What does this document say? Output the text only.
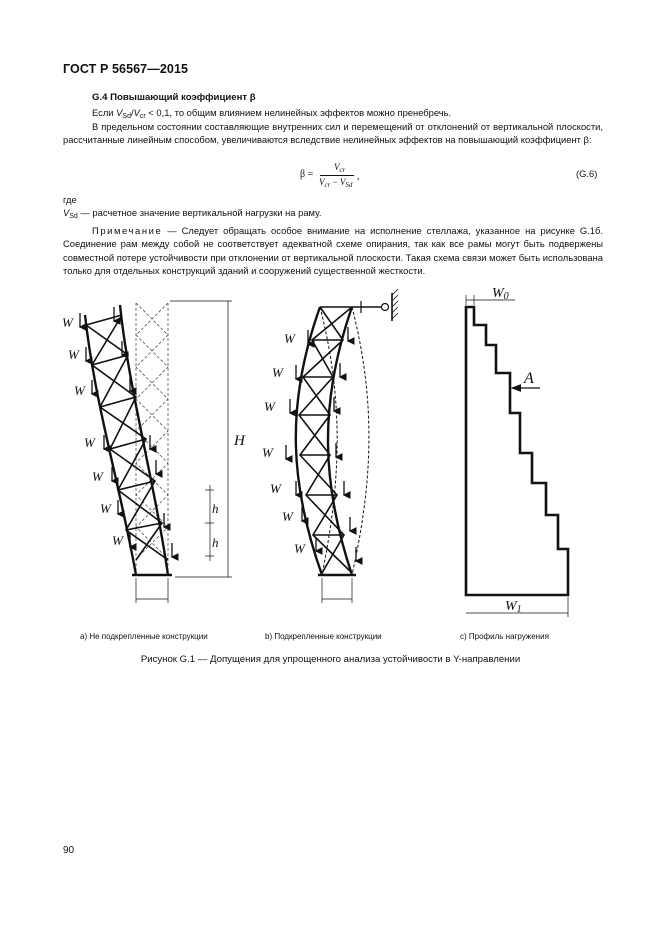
ГОСТ Р 56567—2015
G.4 Повышающий коэффициент β
Если $V_{Sd}/V_{cr} < 0,1$, то общим влиянием нелинейных эффектов можно пренебречь.
В предельном состоянии составляющие внутренних сил и перемещений от отклонений от вертикальной плоскости, рассчитанные линейным способом, увеличиваются вследствие нелинейных эффектов на повышающий коэффициент β:
β =
$V_{cr}$
$V_{cr} - V_{Sd}$
,	(G.6)
где
$V_{Sd}$ — расчетное значение вертикальной нагрузки на раму.
Примечание — Следует обращать особое внимание на исполнение стеллажа, указанное на рисунке G.1б. Соединение рам между собой не соответствует адекватной схеме опирания, так как все рамы могут быть подвержены совместной потере устойчивости при отклонении от вертикальной плоскости. Такая схема связи может быть использована только для отдельных конструкций зданий и сооружений существенной жесткости.
W
W
W
W
W
W
W
H
h
h
W
W
W
W
W
W
W
W0
W1
A
а) Не подкрепленные конструкции	b) Подкрепленные конструкции	с) Профиль нагружения
Рисунок G.1 — Допущения для упрощенного анализа устойчивости в Y-направлении
90
